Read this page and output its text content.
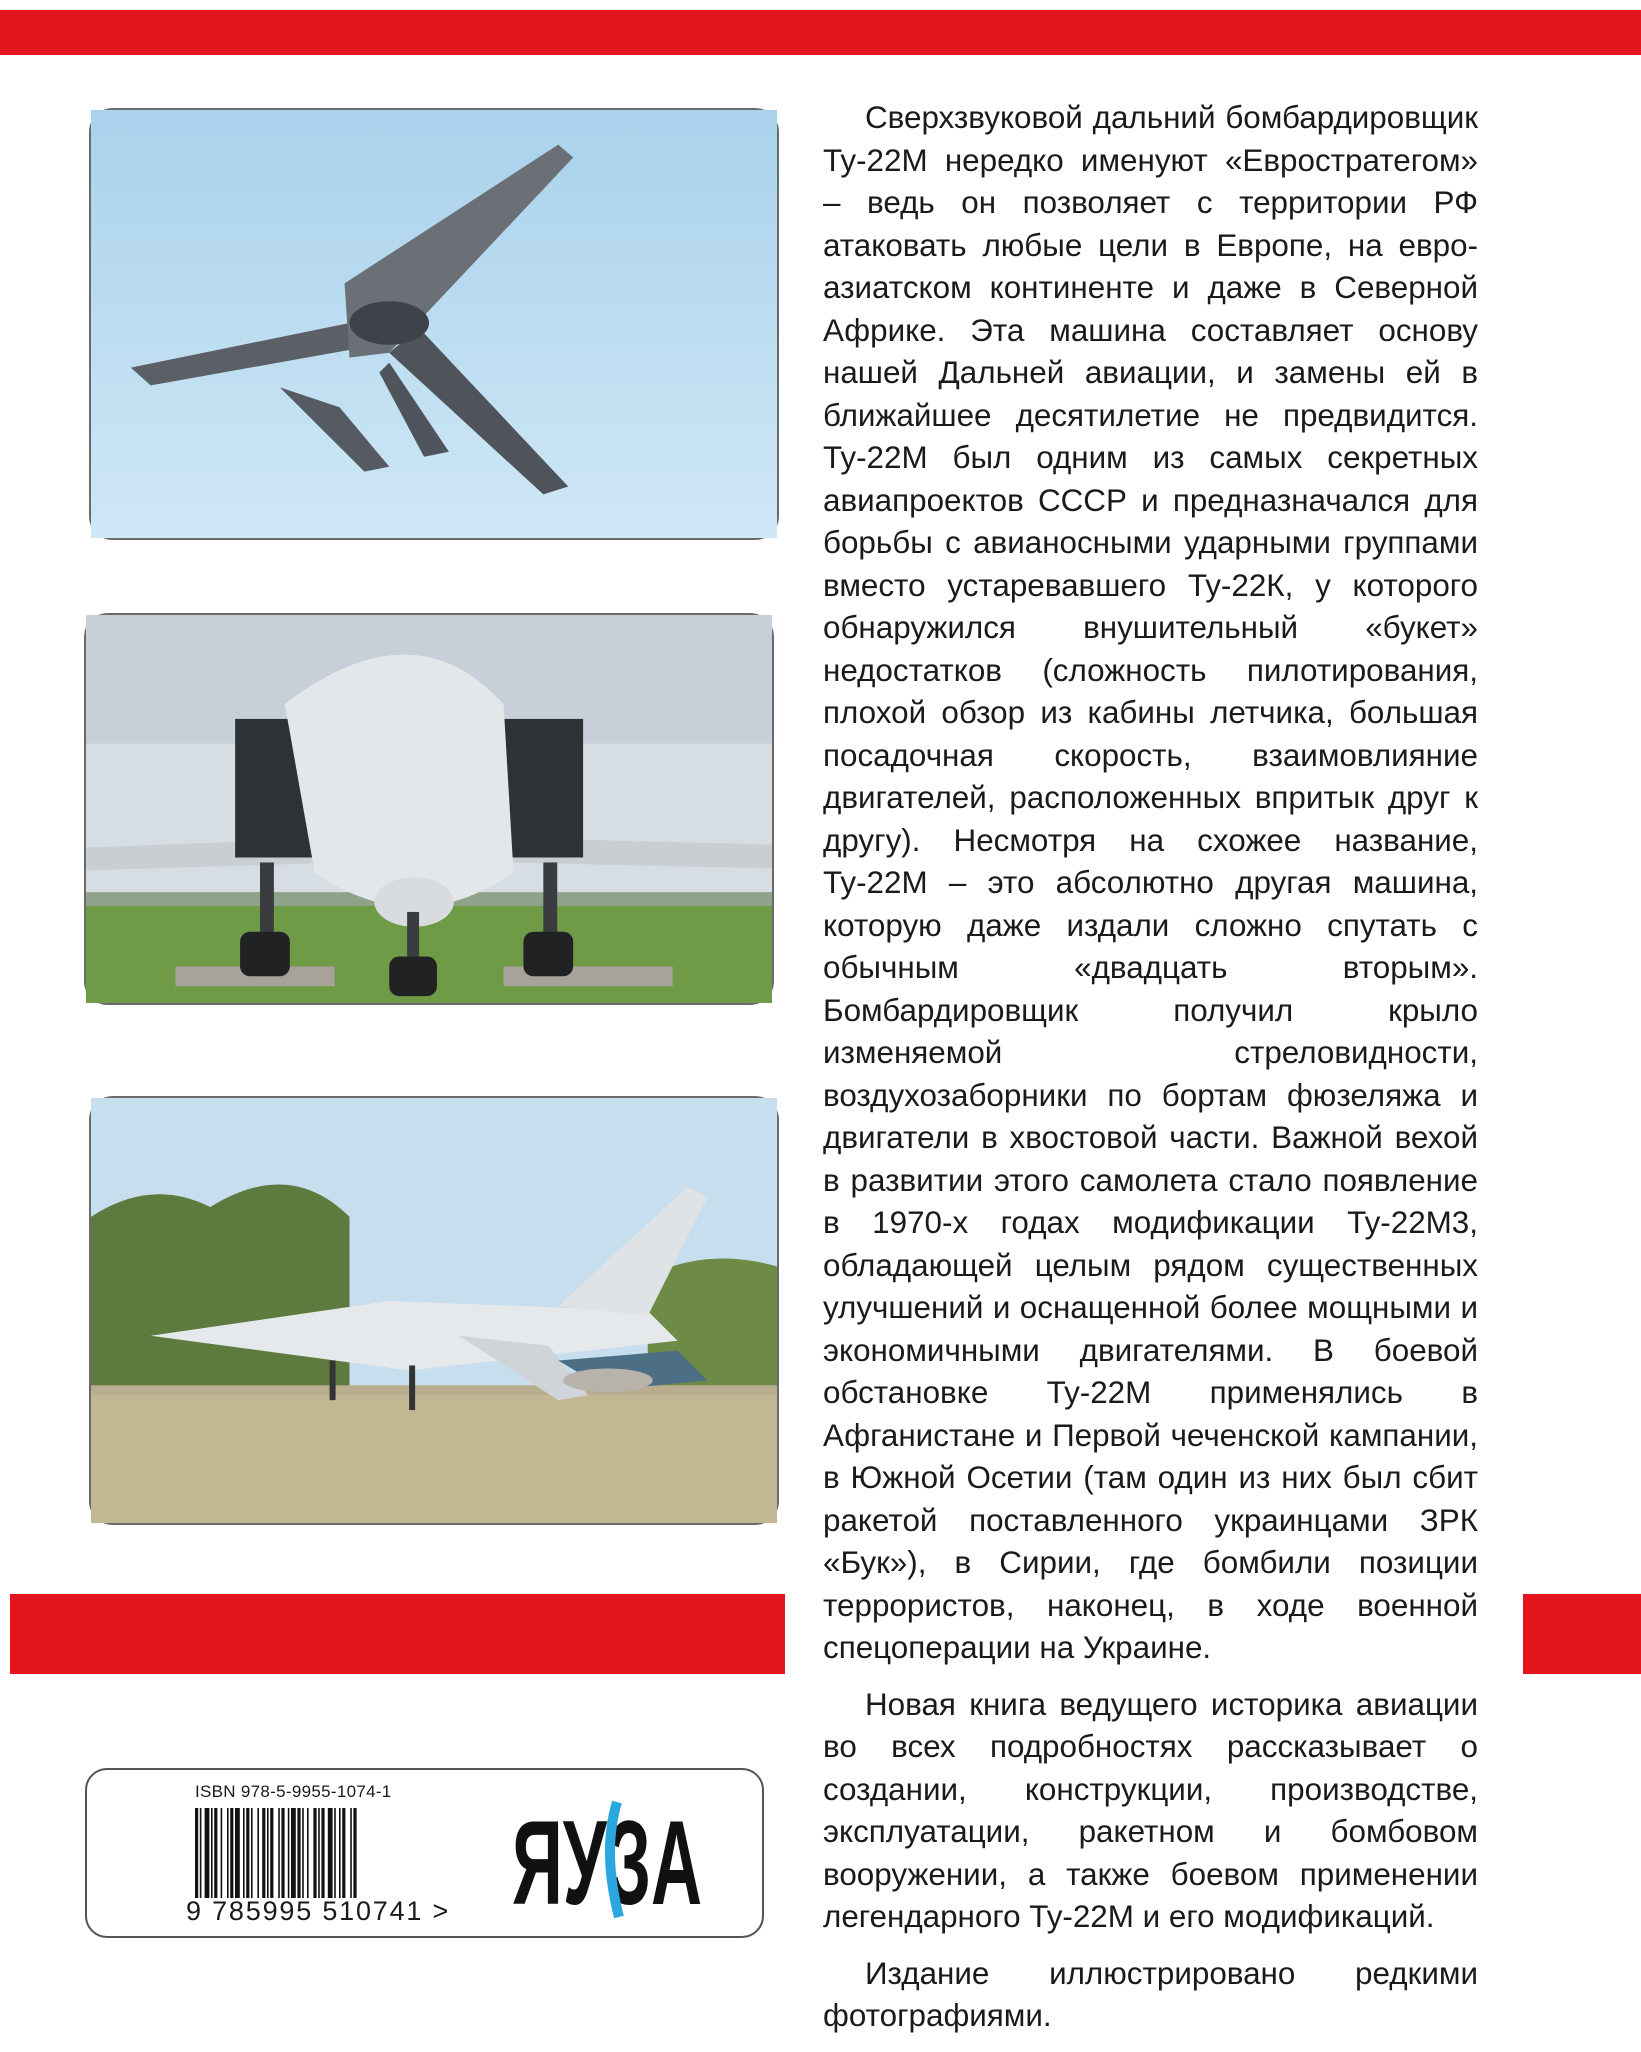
Сверхзвуковой дальний бомбардировщик Ту-22М нередко именуют «Евростратегом» – ведь он позволяет с территории РФ атаковать любые цели в Европе, на евро-азиатском континенте и даже в Северной Африке. Эта машина составляет основу нашей Дальней авиации, и замены ей в ближайшее десятилетие не предвидится. Ту-22М был одним из самых секретных авиапроектов СССР и предназначался для борьбы с авианосными ударными группами вместо устаревавшего Ту-22К, у которого обнаружился внушительный «букет» недостатков (сложность пилотирования, плохой обзор из кабины летчика, большая посадочная скорость, взаимовлияние двигателей, расположенных впритык друг к другу). Несмотря на схожее название, Ту-22М – это абсолютно другая машина, которую даже издали сложно спутать с обычным «двадцать вторым». Бомбардировщик получил крыло изменяемой стреловидности, воздухозаборники по бортам фюзеляжа и двигатели в хвостовой части. Важной вехой в развитии этого самолета стало появление в 1970-х годах модификации Ту-22М3, обладающей целым рядом существенных улучшений и оснащенной более мощными и экономичными двигателями. В боевой обстановке Ту-22М применялись в Афганистане и Первой чеченской кампании, в Южной Осетии (там один из них был сбит ракетой поставленного украинцами ЗРК «Бук»), в Сирии, где бомбили позиции террористов, наконец, в ходе военной спецоперации на Украине.

Новая книга ведущего историка авиации во всех подробностях рассказывает о создании, конструкции, производстве, эксплуатации, ракетном и бомбовом вооружении, а также боевом применении легендарного Ту-22М и его модификаций.

Издание иллюстрировано редкими фотографиями.

ISBN 978-5-9955-1074-1
9 785995 510741 > ЯУЗА
